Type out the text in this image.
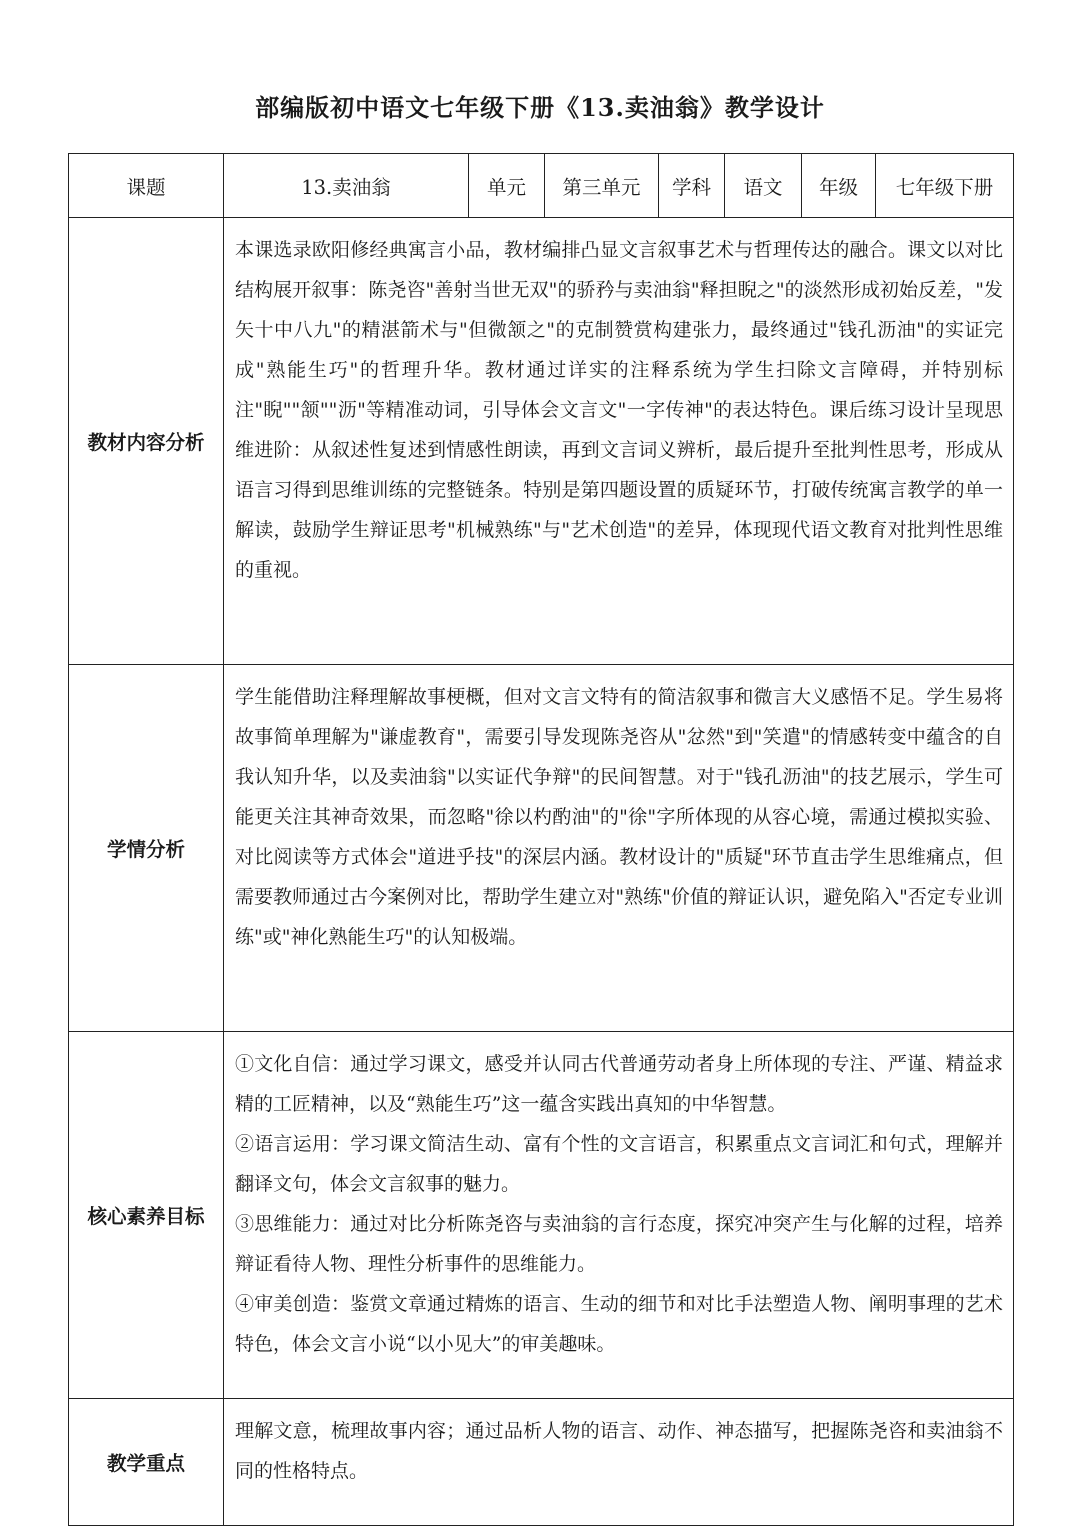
部编版初中语文七年级下册《13.卖油翁》教学设计
课题	13.卖油翁	单元	第三单元	学科	语文	年级	七年级下册
教材内容分析	本课选录欧阳修经典寓言小品，教材编排凸显文言叙事艺术与哲理传达的融合。课文以对比结构展开叙事：陈尧咨"善射当世无双"的骄矜与卖油翁"释担睨之"的淡然形成初始反差，"发矢十中八九"的精湛箭术与"但微颔之"的克制赞赏构建张力，最终通过"钱孔沥油"的实证完成"熟能生巧"的哲理升华。教材通过详实的注释系统为学生扫除文言障碍，并特别标注"睨""颔""沥"等精准动词，引导体会文言文"一字传神"的表达特色。课后练习设计呈现思维进阶：从叙述性复述到情感性朗读，再到文言词义辨析，最后提升至批判性思考，形成从语言习得到思维训练的完整链条。特别是第四题设置的质疑环节，打破传统寓言教学的单一解读，鼓励学生辩证思考"机械熟练"与"艺术创造"的差异，体现现代语文教育对批判性思维的重视。						
学情分析	学生能借助注释理解故事梗概，但对文言文特有的简洁叙事和微言大义感悟不足。学生易将故事简单理解为"谦虚教育"，需要引导发现陈尧咨从"忿然"到"笑遣"的情感转变中蕴含的自我认知升华，以及卖油翁"以实证代争辩"的民间智慧。对于"钱孔沥油"的技艺展示，学生可能更关注其神奇效果，而忽略"徐以杓酌油"的"徐"字所体现的从容心境，需通过模拟实验、对比阅读等方式体会"道进乎技"的深层内涵。教材设计的"质疑"环节直击学生思维痛点，但需要教师通过古今案例对比，帮助学生建立对"熟练"价值的辩证认识，避免陷入"否定专业训练"或"神化熟能生巧"的认知极端。						
核心素养目标	①文化自信：通过学习课文，感受并认同古代普通劳动者身上所体现的专注、严谨、精益求精的工匠精神，以及“熟能生巧”这一蕴含实践出真知的中华智慧。

②语言运用：学习课文简洁生动、富有个性的文言语言，积累重点文言词汇和句式，理解并翻译文句，体会文言叙事的魅力。

③思维能力：通过对比分析陈尧咨与卖油翁的言行态度，探究冲突产生与化解的过程，培养辩证看待人物、理性分析事件的思维能力。

④审美创造：鉴赏文章通过精炼的语言、生动的细节和对比手法塑造人物、阐明事理的艺术特色，体会文言小说“以小见大”的审美趣味。						

教学重点	理解文意，梳理故事内容；通过品析人物的语言、动作、神态描写，把握陈尧咨和卖油翁不同的性格特点。						
